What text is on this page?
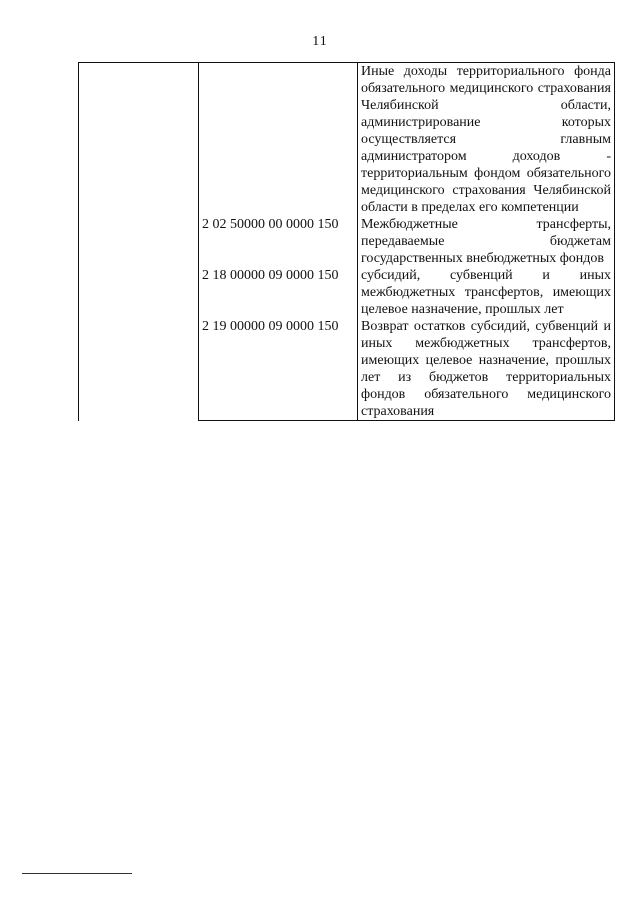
11
		Иные доходы территориального фонда обязательного медицинского страхования Челябинской области, администрирование которых осуществляется главным администратором доходов - территориальным фондом обязательного медицинского страхования Челябинской области в пределах его компетенции
	2 02 50000 00 0000 150	Межбюджетные трансферты, передаваемые бюджетам государственных внебюджетных фондов
	2 18 00000 09 0000 150	субсидий, субвенций и иных межбюджетных трансфертов, имеющих целевое назначение, прошлых лет
	2 19 00000 09 0000 150	Возврат остатков субсидий, субвенций и иных межбюджетных трансфертов, имеющих целевое назначение, прошлых лет из бюджетов территориальных фондов обязательного медицинского страхования
